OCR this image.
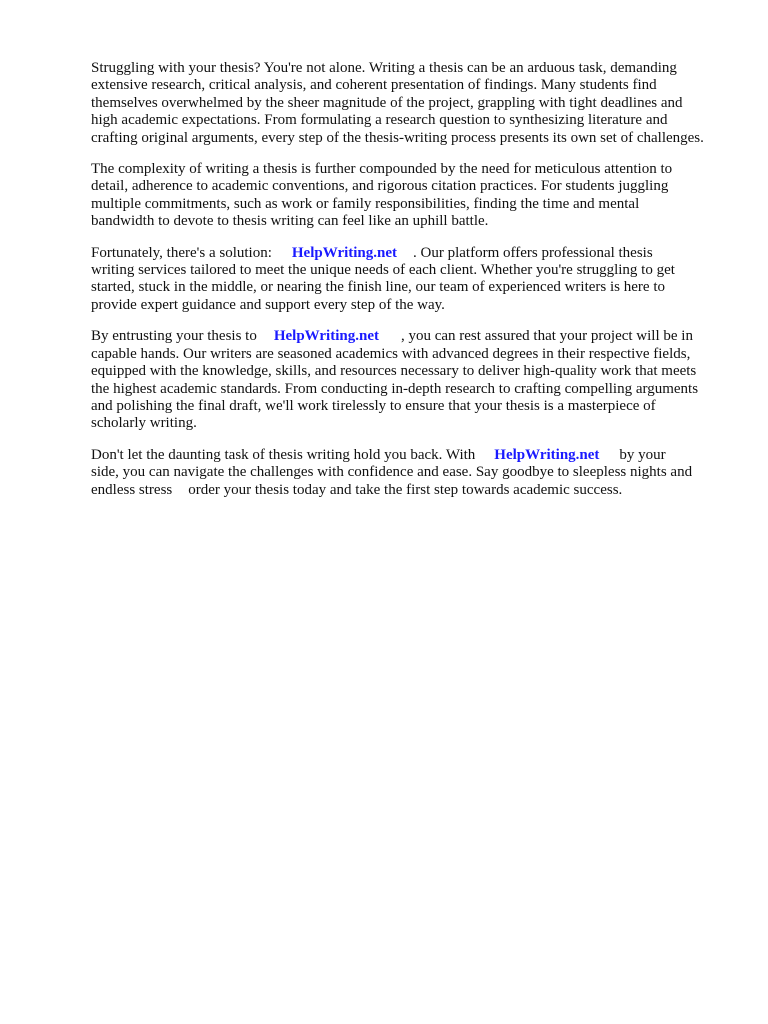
Struggling with your thesis? You're not alone. Writing a thesis can be an arduous task, demanding
extensive research, critical analysis, and coherent presentation of findings. Many students find
themselves overwhelmed by the sheer magnitude of the project, grappling with tight deadlines and
high academic expectations. From formulating a research question to synthesizing literature and
crafting original arguments, every step of the thesis-writing process presents its own set of challenges.

The complexity of writing a thesis is further compounded by the need for meticulous attention to
detail, adherence to academic conventions, and rigorous citation practices. For students juggling
multiple commitments, such as work or family responsibilities, finding the time and mental
bandwidth to devote to thesis writing can feel like an uphill battle.

Fortunately, there's a solution: HelpWriting.net . Our platform offers professional thesis
writing services tailored to meet the unique needs of each client. Whether you're struggling to get
started, stuck in the middle, or nearing the finish line, our team of experienced writers is here to
provide expert guidance and support every step of the way.

By entrusting your thesis to HelpWriting.net , you can rest assured that your project will be in
capable hands. Our writers are seasoned academics with advanced degrees in their respective fields,
equipped with the knowledge, skills, and resources necessary to deliver high-quality work that meets
the highest academic standards. From conducting in-depth research to crafting compelling arguments
and polishing the final draft, we'll work tirelessly to ensure that your thesis is a masterpiece of
scholarly writing.

Don't let the daunting task of thesis writing hold you back. With HelpWriting.net by your
side, you can navigate the challenges with confidence and ease. Say goodbye to sleepless nights and
endless stress order your thesis today and take the first step towards academic success.
